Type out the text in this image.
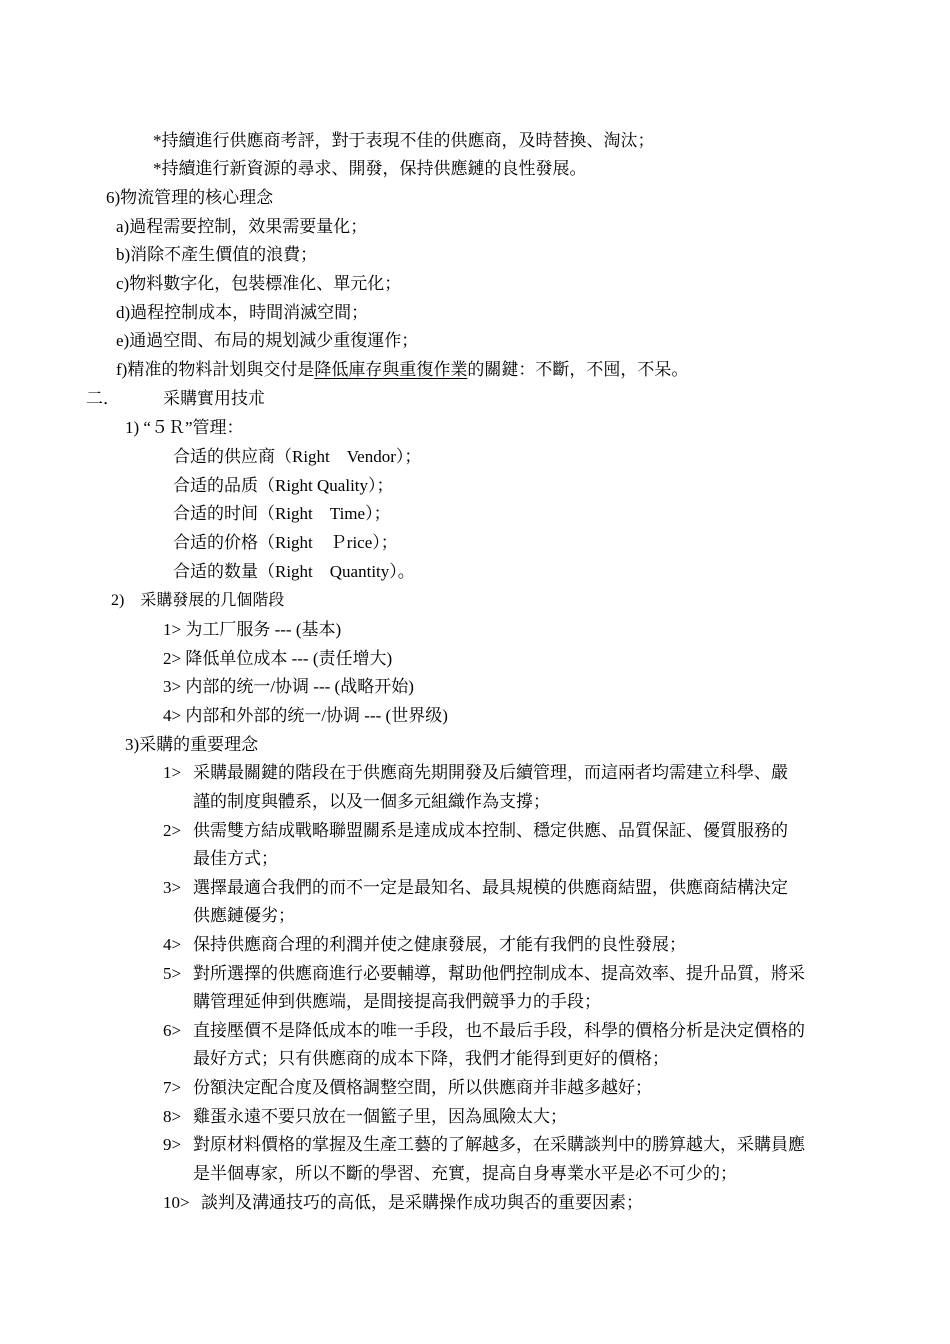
*持續進行供應商考評，對于表現不佳的供應商，及時替換、淘汰；
*持續進行新資源的尋求、開發，保持供應鏈的良性發展。
6)物流管理的核心理念
a)過程需要控制，效果需要量化；
b)消除不產生價值的浪費；
c)物料數字化，包裝標准化、單元化；
d)過程控制成本，時間消滅空間；
e)通過空間、布局的規划減少重復運作；
f)精准的物料計划與交付是降低庫存與重復作業的關鍵：不斷，不囤，不呆。
二．	采購實用技朮
1) “５Ｒ”管理：
合适的供应商（Right　Vendor）；
合适的品质（Right Quality）；
合适的时间（Right　Time）；
合适的价格（Right　Ｐrice）；
合适的数量（Right　Quantity）。
2)　采購發展的几個階段
1> 为工厂服务 --- (基本)
2> 降低单位成本 --- (责任增大)
3> 内部的统一/协调 --- (战略开始)
4> 内部和外部的统一/协调 --- (世界级)
3)采購的重要理念
1> 采購最關鍵的階段在于供應商先期開發及后續管理，而這兩者均需建立科學、嚴
謹的制度與體系，以及一個多元組織作為支撐；
2> 供需雙方結成戰略聯盟關系是達成成本控制、穩定供應、品質保証、優質服務的
最佳方式；
3> 選擇最適合我們的而不一定是最知名、最具規模的供應商結盟，供應商結構決定
供應鏈優劣；
4> 保持供應商合理的利潤并使之健康發展，才能有我們的良性發展；
5> 對所選擇的供應商進行必要輔導，幫助他們控制成本、提高效率、提升品質，將采
購管理延伸到供應端，是間接提高我們競爭力的手段；
6> 直接壓價不是降低成本的唯一手段，也不最后手段，科學的價格分析是決定價格的
最好方式；只有供應商的成本下降，我們才能得到更好的價格；
7> 份額決定配合度及價格調整空間，所以供應商并非越多越好；
8> 雞蛋永遠不要只放在一個籃子里，因為風險太大；
9> 對原材料價格的掌握及生產工藝的了解越多，在采購談判中的勝算越大，采購員應
是半個專家，所以不斷的學習、充實，提高自身專業水平是必不可少的；
10> 談判及溝通技巧的高低，是采購操作成功與否的重要因素；
